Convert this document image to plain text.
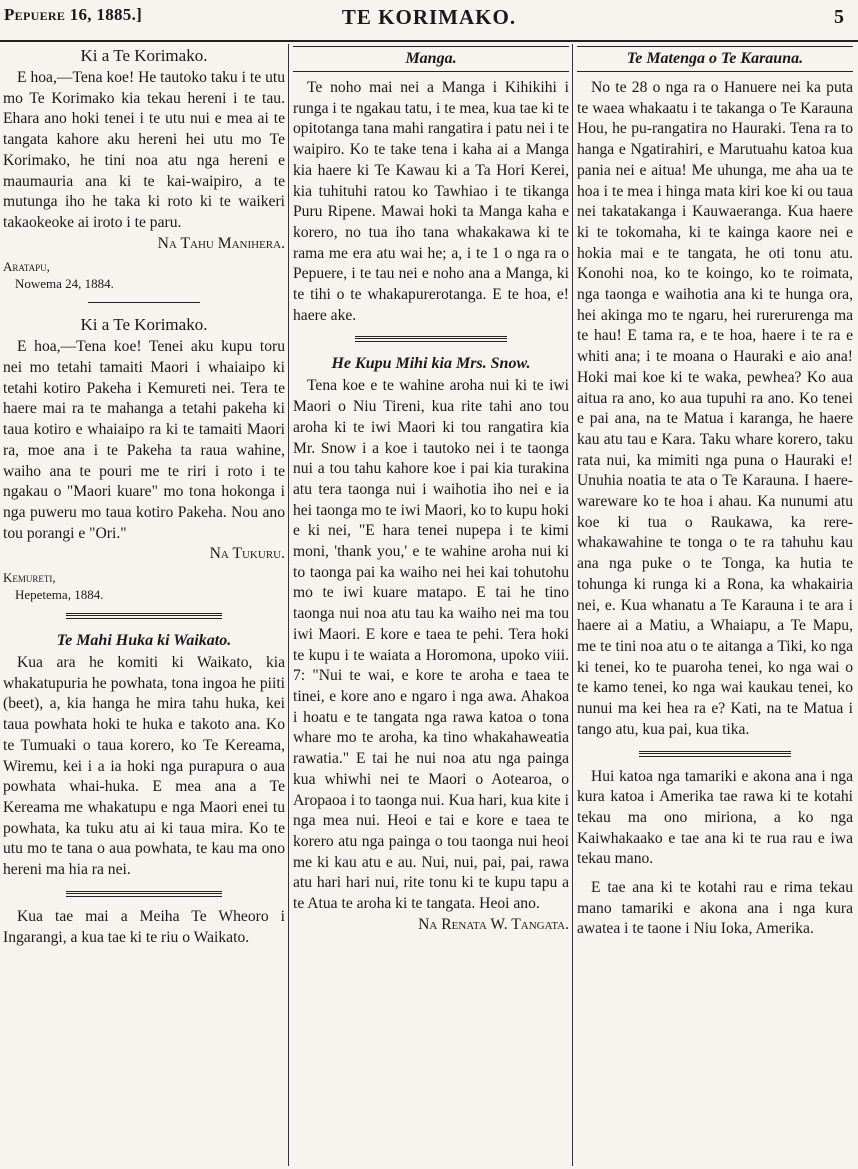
Pepuere 16, 1885.]	TE KORIMAKO.	5
Ki a Te Korimako.

E hoa,—Tena koe! He tautoko taku i te utu mo Te Korimako kia tekau hereni i te tau. Ehara ano hoki tenei i te utu nui e mea ai te tangata kahore aku hereni hei utu mo Te Korimako, he tini noa atu nga hereni e maumauria ana ki te kai-waipiro, a te mutunga iho he taka ki roto ki te waikeri takaokeoke ai iroto i te paru.

Na Tahu Manihera.

Aratapu,

Nowema 24, 1884.

Ki a Te Korimako.

E hoa,—Tena koe! Tenei aku kupu toru nei mo tetahi tamaiti Maori i whaiaipo ki tetahi kotiro Pakeha i Kemureti nei. Tera te haere mai ra te mahanga a tetahi pakeha ki taua kotiro e whaiaipo ra ki te tamaiti Maori ra, moe ana i te Pakeha ta raua wahine, waiho ana te pouri me te riri i roto i te ngakau o "Maori kuare" mo tona hokonga i nga puweru mo taua kotiro Pakeha. Nou ano tou porangi e "Ori."

Na Tukuru.

Kemureti,

Hepetema, 1884.

Te Mahi Huka ki Waikato.

Kua ara he komiti ki Waikato, kia whakatupuria he powhata, tona ingoa he piiti (beet), a, kia hanga he mira tahu huka, kei taua powhata hoki te huka e takoto ana. Ko te Tumuaki o taua korero, ko Te Kereama, Wiremu, kei i a ia hoki nga purapura o aua powhata whai-huka. E mea ana a Te Kereama me whakatupu e nga Maori enei tu powhata, ka tuku atu ai ki taua mira. Ko te utu mo te tana o aua powhata, te kau ma ono hereni ma hia ra nei.

Kua tae mai a Meiha Te Wheoro i Ingarangi, a kua tae ki te riu o Waikato.

Manga.

Te noho mai nei a Manga i Kihikihi i runga i te ngakau tatu, i te mea, kua tae ki te opitotanga tana mahi rangatira i patu nei i te waipiro. Ko te take tena i kaha ai a Manga kia haere ki Te Kawau ki a Ta Hori Kerei, kia tuhituhi ratou ko Tawhiao i te tikanga Puru Ripene. Mawai hoki ta Manga kaha e korero, no tua iho tana whakakawa ki te rama me era atu wai he; a, i te 1 o nga ra o Pepuere, i te tau nei e noho ana a Manga, ki te tihi o te whakapurerotanga. E te hoa, e! haere ake.

He Kupu Mihi kia Mrs. Snow.

Tena koe e te wahine aroha nui ki te iwi Maori o Niu Tireni, kua rite tahi ano tou aroha ki te iwi Maori ki tou rangatira kia Mr. Snow i a koe i tautoko nei i te taonga nui a tou tahu kahore koe i pai kia turakina atu tera taonga nui i waihotia iho nei e ia hei taonga mo te iwi Maori, ko to kupu hoki e ki nei, "E hara tenei nupepa i te kimi moni, 'thank you,' e te wahine aroha nui ki to taonga pai ka waiho nei hei kai tohutohu mo te iwi kuare matapo. E tai he tino taonga nui noa atu tau ka waiho nei ma tou iwi Maori. E kore e taea te pehi. Tera hoki te kupu i te waiata a Horomona, upoko viii. 7: "Nui te wai, e kore te aroha e taea te tinei, e kore ano e ngaro i nga awa. Ahakoa i hoatu e te tangata nga rawa katoa o tona whare mo te aroha, ka tino whakahaweatia rawatia." E tai he nui noa atu nga painga kua whiwhi nei te Maori o Aotearoa, o Aropaoa i to taonga nui. Kua hari, kua kite i nga mea nui. Heoi e tai e kore e taea te korero atu nga painga o tou taonga nui heoi me ki kau atu e au. Nui, nui, pai, pai, rawa atu hari hari nui, rite tonu ki te kupu tapu a te Atua te aroha ki te tangata. Heoi ano.

Na Renata W. Tangata.

Te Matenga o Te Karauna.

No te 28 o nga ra o Hanuere nei ka puta te waea whakaatu i te takanga o Te Karauna Hou, he pu-rangatira no Hauraki. Tena ra to hanga e Ngatirahiri, e Marutuahu katoa kua pania nei e aitua! Me uhunga, me aha ua te hoa i te mea i hinga mata kiri koe ki ou taua nei takatakanga i Kauwaeranga. Kua haere ki te tokomaha, ki te kainga kaore nei e hokia mai e te tangata, he oti tonu atu. Konohi noa, ko te koingo, ko te roimata, nga taonga e waihotia ana ki te hunga ora, hei akinga mo te ngaru, hei rurerurenga ma te hau! E tama ra, e te hoa, haere i te ra e whiti ana; i te moana o Hauraki e aio ana! Hoki mai koe ki te waka, pewhea? Ko aua aitua ra ano, ko aua tupuhi ra ano. Ko tenei e pai ana, na te Matua i karanga, he haere kau atu tau e Kara. Taku whare korero, taku rata nui, ka mimiti nga puna o Hauraki e! Unuhia noatia te ata o Te Karauna. I haere-wareware ko te hoa i ahau. Ka nunumi atu koe ki tua o Raukawa, ka rere-whakawahine te tonga o te ra tahuhu kau ana nga puke o te Tonga, ka hutia te tohunga ki runga ki a Rona, ka whakairia nei, e. Kua whanatu a Te Karauna i te ara i haere ai a Matiu, a Whaiapu, a Te Mapu, me te tini noa atu o te aitanga a Tiki, ko nga ki tenei, ko te puaroha tenei, ko nga wai o te kamo tenei, ko nga wai kaukau tenei, ko nunui ma kei hea ra e? Kati, na te Matua i tango atu, kua pai, kua tika.

Hui katoa nga tamariki e akona ana i nga kura katoa i Amerika tae rawa ki te kotahi tekau ma ono miriona, a ko nga Kaiwhakaako e tae ana ki te rua rau e iwa tekau mano.

E tae ana ki te kotahi rau e rima tekau mano tamariki e akona ana i nga kura awatea i te taone i Niu Ioka, Amerika.
